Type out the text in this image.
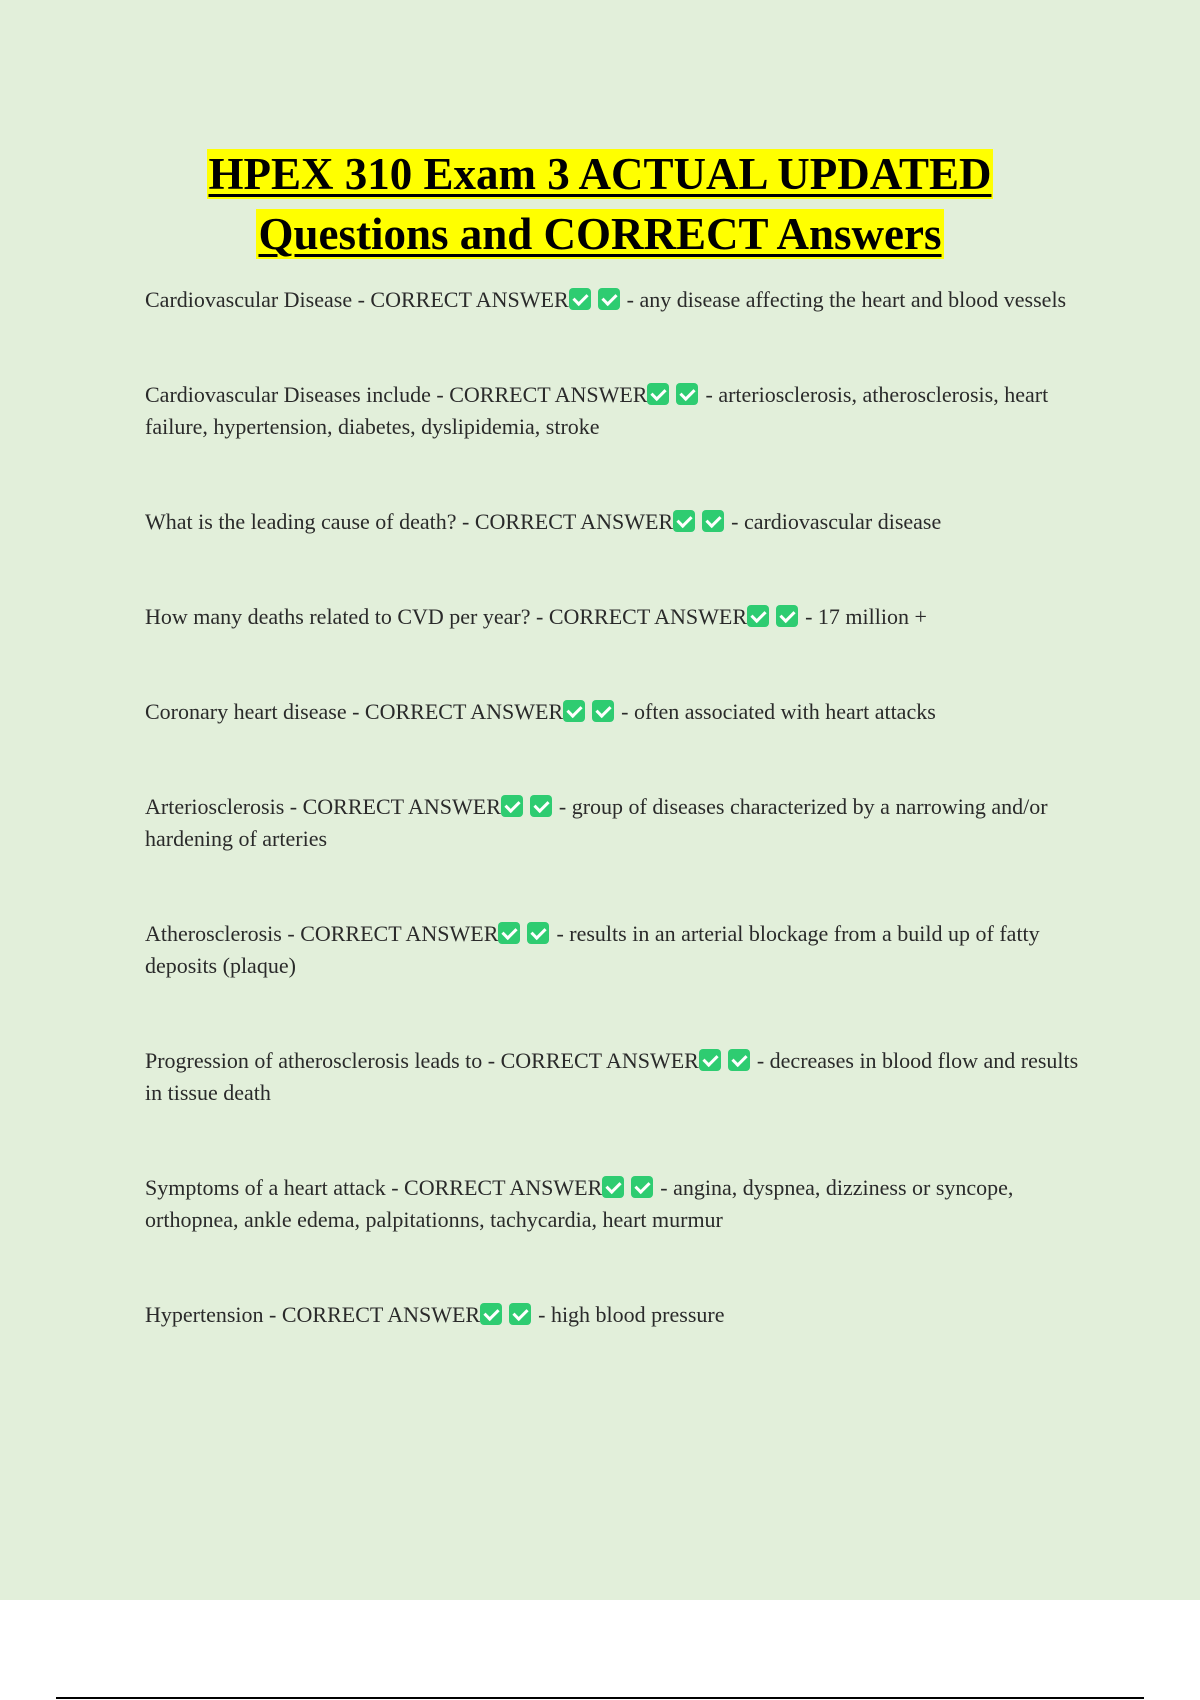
HPEX 310 Exam 3 ACTUAL UPDATED
Questions and CORRECT Answers
Cardiovascular Disease - CORRECT ANSWER	- any disease affecting the heart and blood vessels
Cardiovascular Diseases include - CORRECT ANSWER	- arteriosclerosis, atherosclerosis, heart failure, hypertension, diabetes, dyslipidemia, stroke
What is the leading cause of death? - CORRECT ANSWER	- cardiovascular disease
How many deaths related to CVD per year? - CORRECT ANSWER	- 17 million +
Coronary heart disease - CORRECT ANSWER	- often associated with heart attacks
Arteriosclerosis - CORRECT ANSWER	- group of diseases characterized by a narrowing and/or hardening of arteries
Atherosclerosis - CORRECT ANSWER	- results in an arterial blockage from a build up of fatty deposits (plaque)
Progression of atherosclerosis leads to - CORRECT ANSWER	- decreases in blood flow and results in tissue death
Symptoms of a heart attack - CORRECT ANSWER	- angina, dyspnea, dizziness or syncope, orthopnea, ankle edema, palpitationns, tachycardia, heart murmur
Hypertension - CORRECT ANSWER	- high blood pressure
